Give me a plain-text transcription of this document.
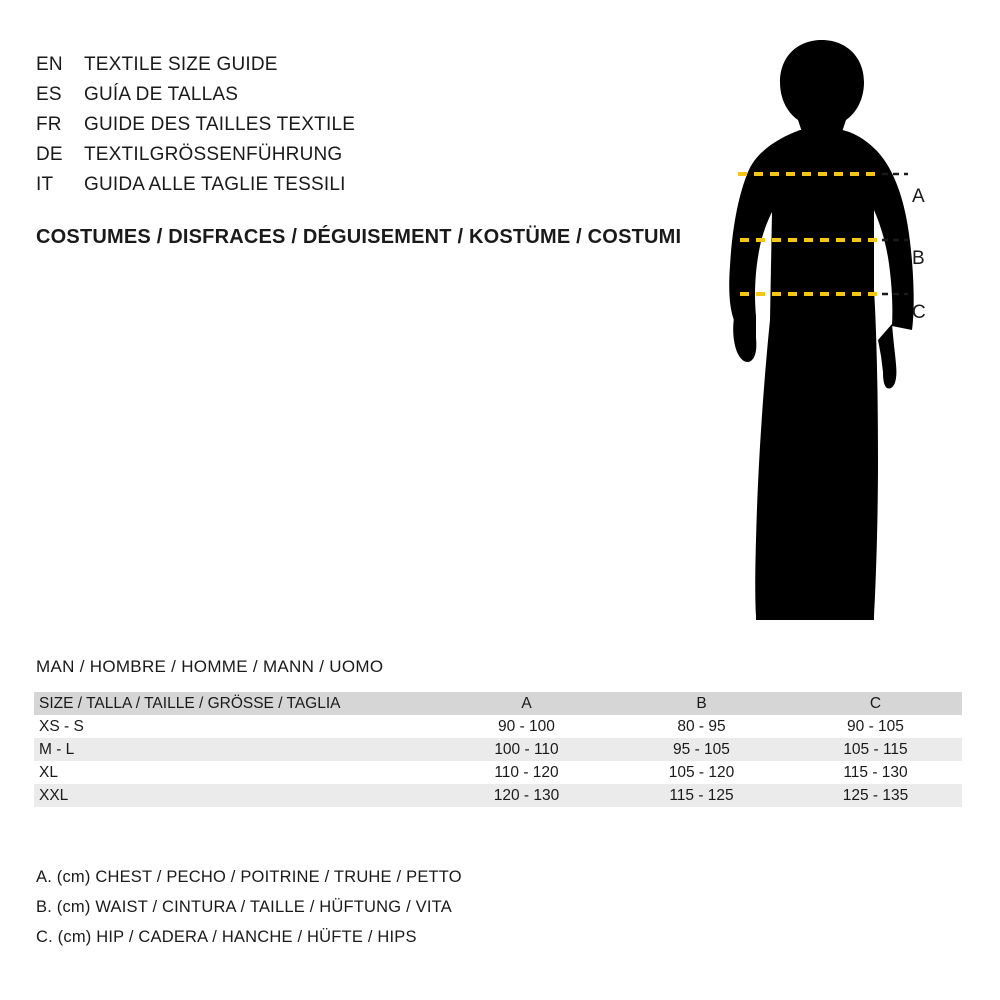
EN	TEXTILE SIZE GUIDE
ES	GUÍA DE TALLAS
FR	GUIDE DES TAILLES TEXTILE
DE	TEXTILGRÖSSENFÜHRUNG
IT	GUIDA ALLE TAGLIE TESSILI
COSTUMES / DISFRACES / DÉGUISEMENT / KOSTÜME / COSTUMI
A
B
C
MAN / HOMBRE / HOMME / MANN / UOMO
SIZE / TALLA / TAILLE / GRÖSSE / TAGLIA	A	B	C
XS - S	90 - 100	80 - 95	90 - 105
M - L	100 - 110	95 - 105	105 - 115
XL	110 - 120	105 - 120	115 - 130
XXL	120 - 130	115 - 125	125 - 135
A. (cm) CHEST / PECHO / POITRINE / TRUHE / PETTO
B. (cm) WAIST / CINTURA / TAILLE / HÜFTUNG / VITA
C. (cm) HIP / CADERA / HANCHE / HÜFTE / HIPS
